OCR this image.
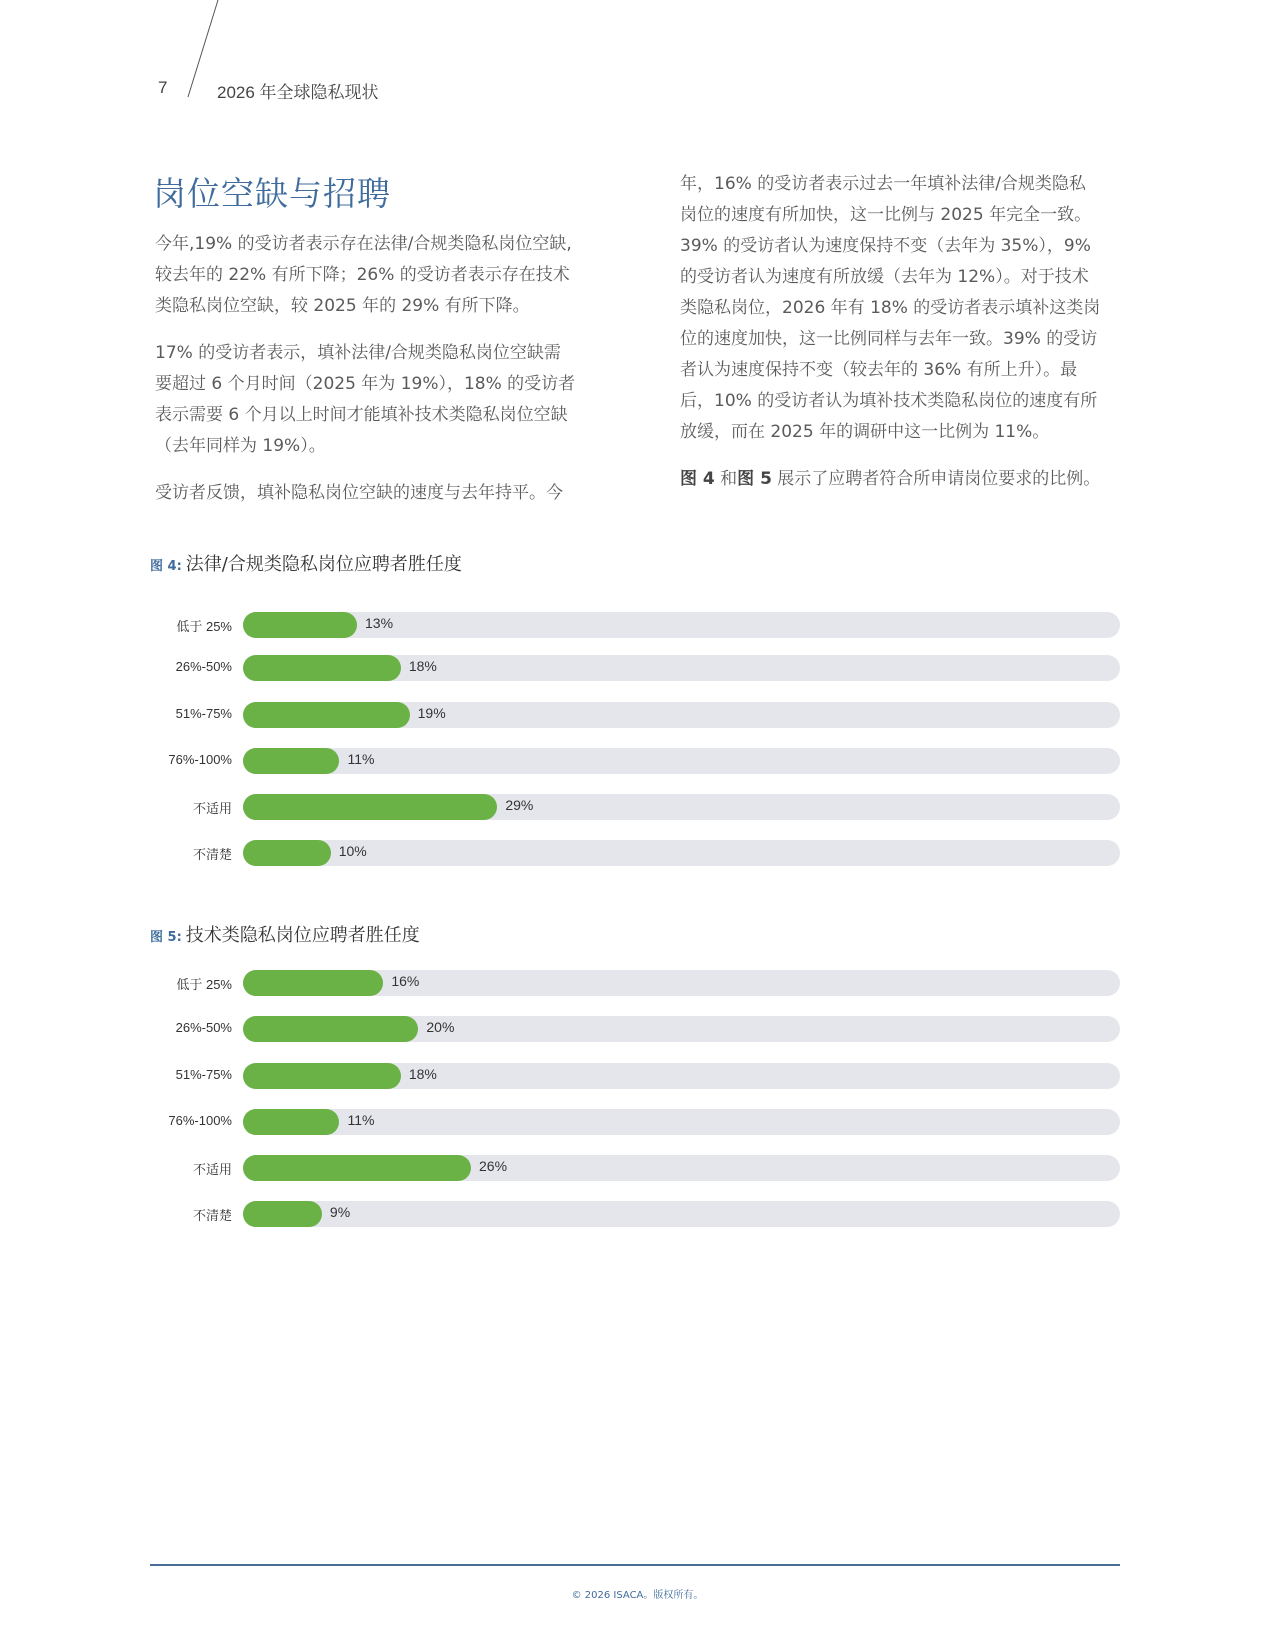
7	2026 年全球隐私现状
岗位空缺与招聘
今年,19% 的受访者表示存在法律/合规类隐私岗位空缺,
较去年的 22% 有所下降；26% 的受访者表示存在技术
类隐私岗位空缺，较 2025 年的 29% 有所下降。
17% 的受访者表示，填补法律/合规类隐私岗位空缺需
要超过 6 个月时间（2025 年为 19%），18% 的受访者
表示需要 6 个月以上时间才能填补技术类隐私岗位空缺
（去年同样为 19%）。
受访者反馈，填补隐私岗位空缺的速度与去年持平。今
年，16% 的受访者表示过去一年填补法律/合规类隐私
岗位的速度有所加快，这一比例与 2025 年完全一致。
39% 的受访者认为速度保持不变（去年为 35%），9%
的受访者认为速度有所放缓（去年为 12%）。对于技术
类隐私岗位，2026 年有 18% 的受访者表示填补这类岗
位的速度加快，这一比例同样与去年一致。39% 的受访
者认为速度保持不变（较去年的 36% 有所上升）。最
后，10% 的受访者认为填补技术类隐私岗位的速度有所
放缓，而在 2025 年的调研中这一比例为 11%。
图 4 和图 5 展示了应聘者符合所申请岗位要求的比例。
图 4: 法律/合规类隐私岗位应聘者胜任度
低于 25%	13%
26%-50%	18%
51%-75%	19%
76%-100%	11%
不适用	29%
不清楚	10%
图 5: 技术类隐私岗位应聘者胜任度
低于 25%	16%
26%-50%	20%
51%-75%	18%
76%-100%	11%
不适用	26%
不清楚	9%
© 2026 ISACA。版权所有。
